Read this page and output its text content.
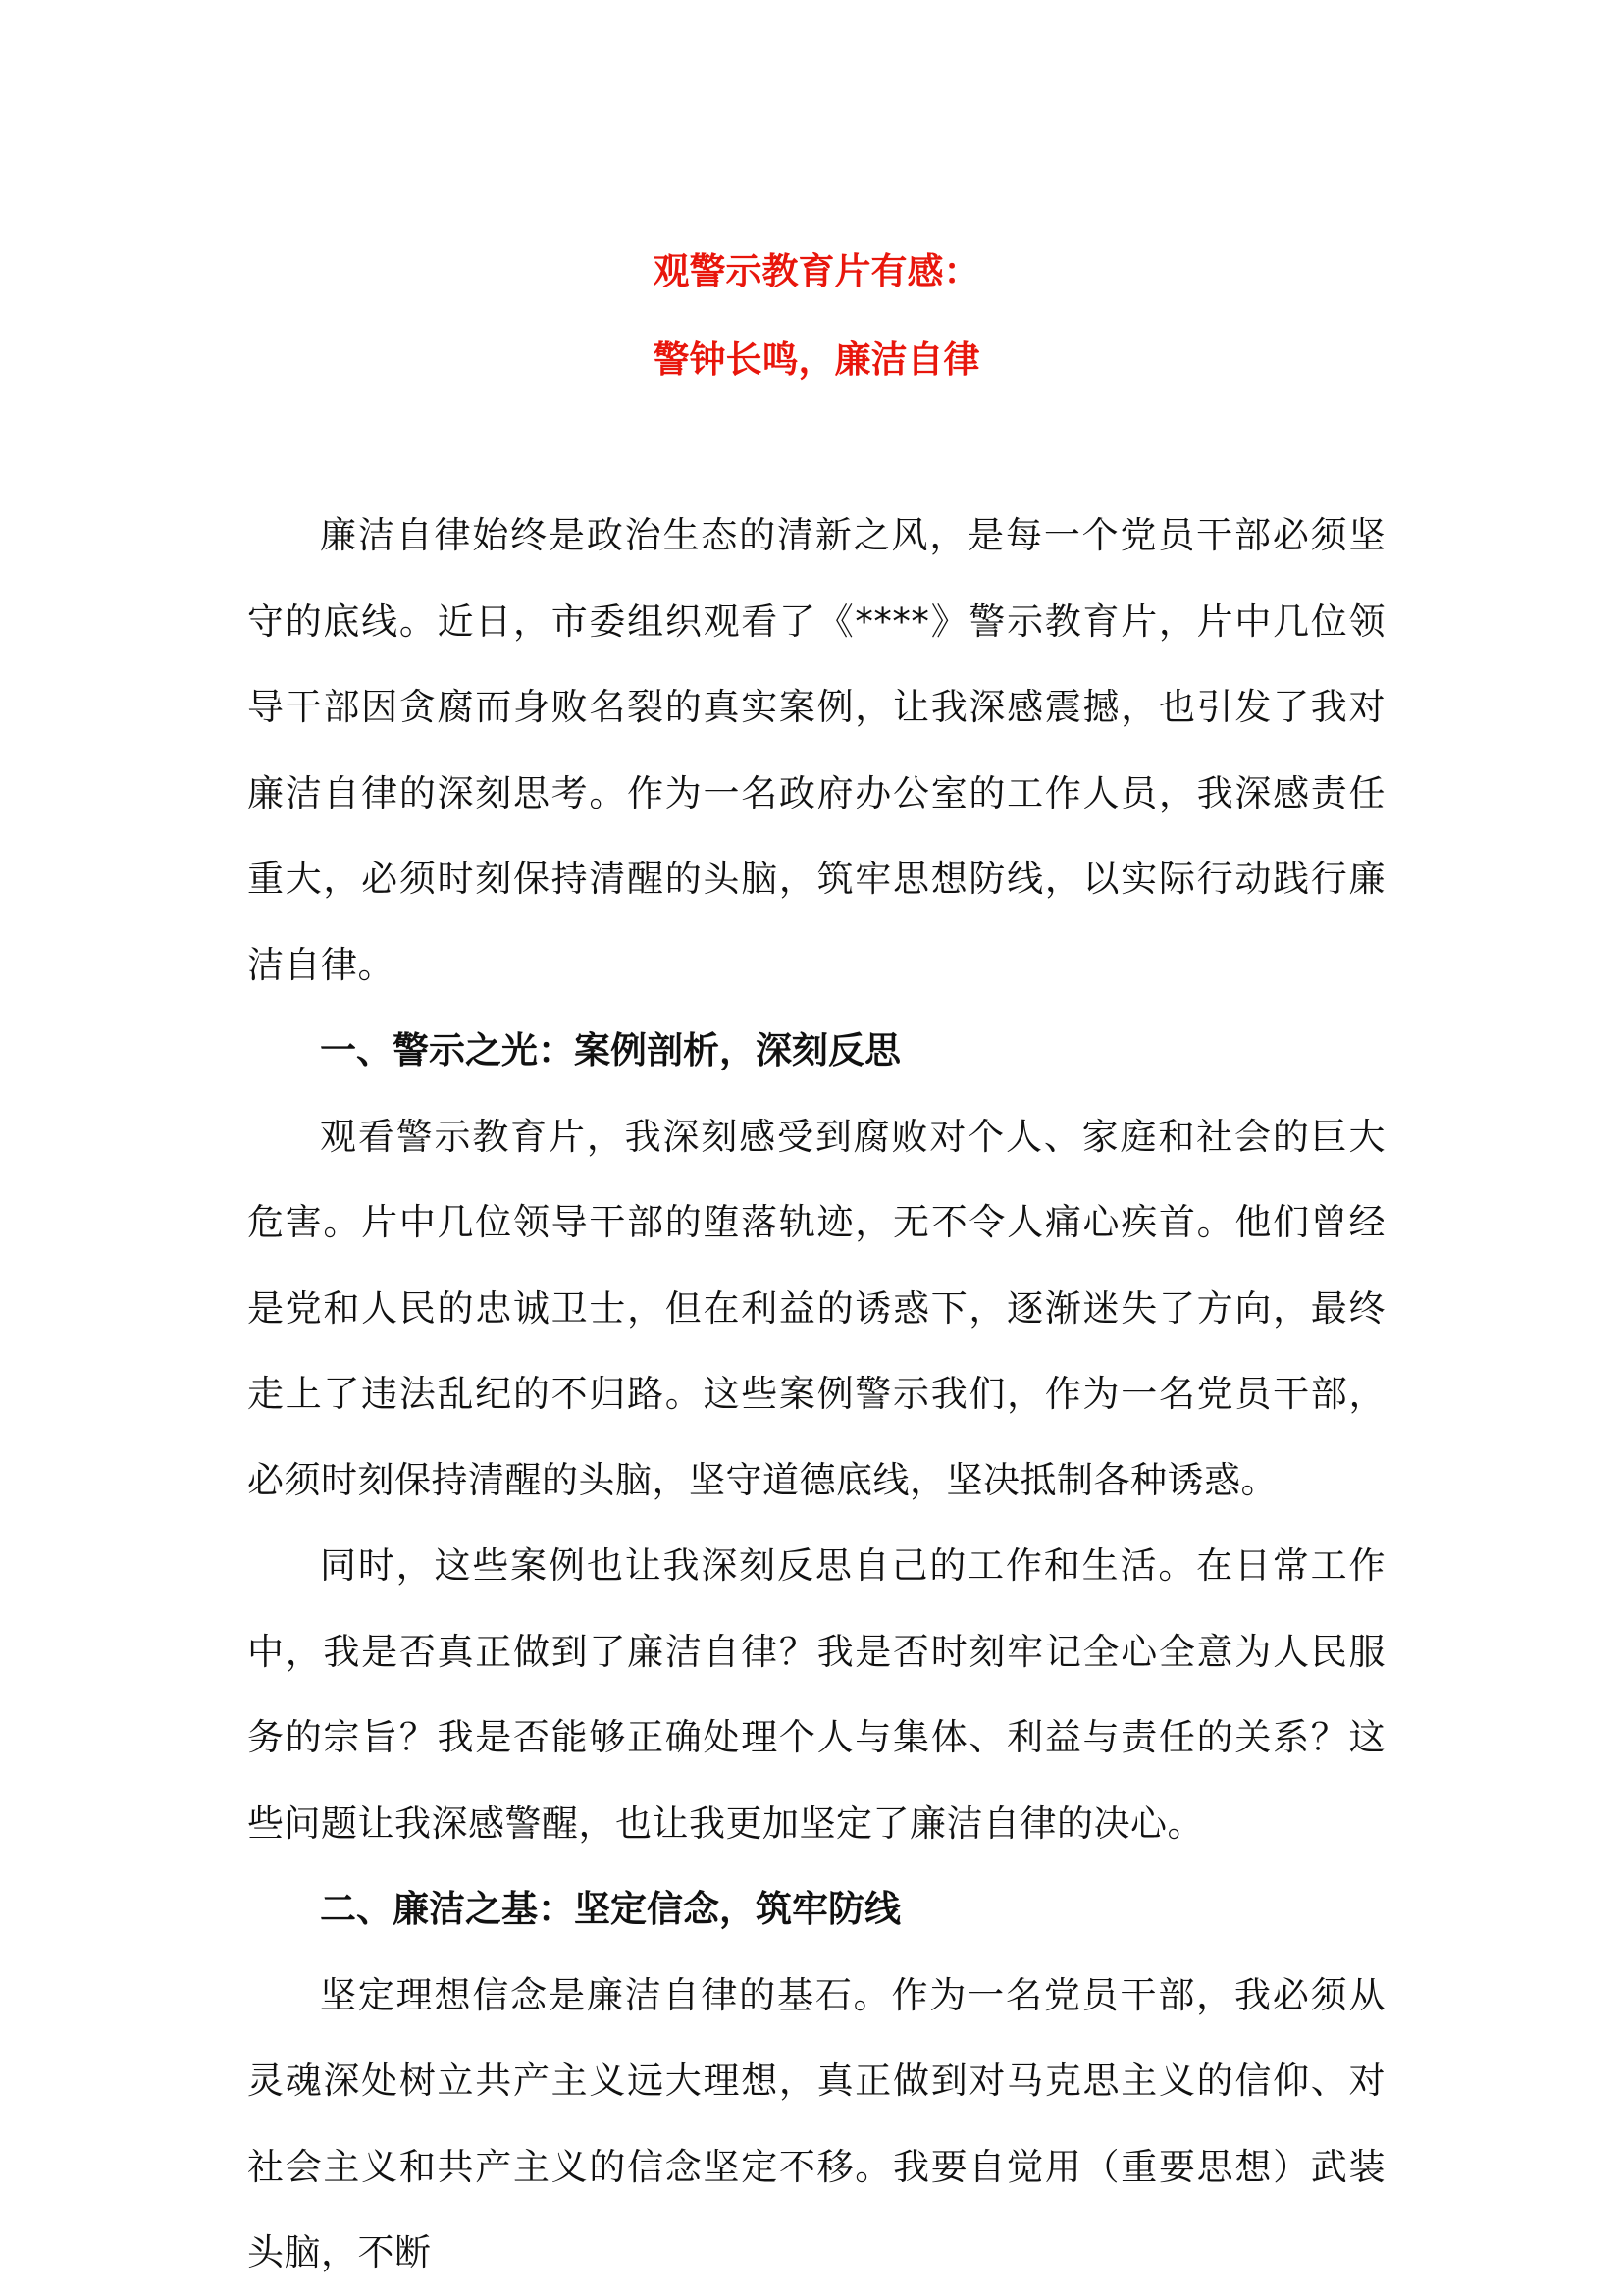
观警示教育片有感：

警钟长鸣，廉洁自律

廉洁自律始终是政治生态的清新之风，是每一个党员干部必须坚守的底线。近日，市委组织观看了《****》警示教育片，片中几位领导干部因贪腐而身败名裂的真实案例，让我深感震撼，也引发了我对廉洁自律的深刻思考。作为一名政府办公室的工作人员，我深感责任重大，必须时刻保持清醒的头脑，筑牢思想防线，以实际行动践行廉洁自律。

一、警示之光：案例剖析，深刻反思

观看警示教育片，我深刻感受到腐败对个人、家庭和社会的巨大危害。片中几位领导干部的堕落轨迹，无不令人痛心疾首。他们曾经是党和人民的忠诚卫士，但在利益的诱惑下，逐渐迷失了方向，最终走上了违法乱纪的不归路。这些案例警示我们，作为一名党员干部，必须时刻保持清醒的头脑，坚守道德底线，坚决抵制各种诱惑。

同时，这些案例也让我深刻反思自己的工作和生活。在日常工作中，我是否真正做到了廉洁自律？我是否时刻牢记全心全意为人民服务的宗旨？我是否能够正确处理个人与集体、利益与责任的关系？这些问题让我深感警醒，也让我更加坚定了廉洁自律的决心。

二、廉洁之基：坚定信念，筑牢防线

坚定理想信念是廉洁自律的基石。作为一名党员干部，我必须从灵魂深处树立共产主义远大理想，真正做到对马克思主义的信仰、对社会主义和共产主义的信念坚定不移。我要自觉用（重要思想）武装头脑，不断
